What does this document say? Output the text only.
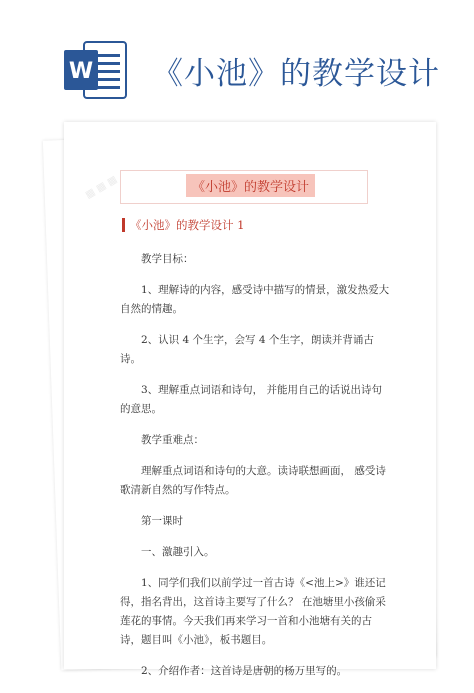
W 《小池》的教学设计
▦ ▦ ▦	《小池》的教学设计
《小池》的教学设计 1

教学目标：

1、理解诗的内容，感受诗中描写的情景，激发热爱大自然的情趣。

2、认识 4 个生字，会写 4 个生字，朗读并背诵古诗。

3、理解重点词语和诗句， 并能用自己的话说出诗句的意思。

教学重难点：

理解重点词语和诗句的大意。读诗联想画面， 感受诗歌清新自然的写作特点。

第一课时

一、激趣引入。

1、同学们我们以前学过一首古诗《<池上>》谁还记得，指名背出，这首诗主要写了什么？ 在池塘里小孩偷采莲花的事情。今天我们再来学习一首和小池塘有关的古诗，题目叫《小池》，板书题目。

2、介绍作者：这首诗是唐朝的杨万里写的。
